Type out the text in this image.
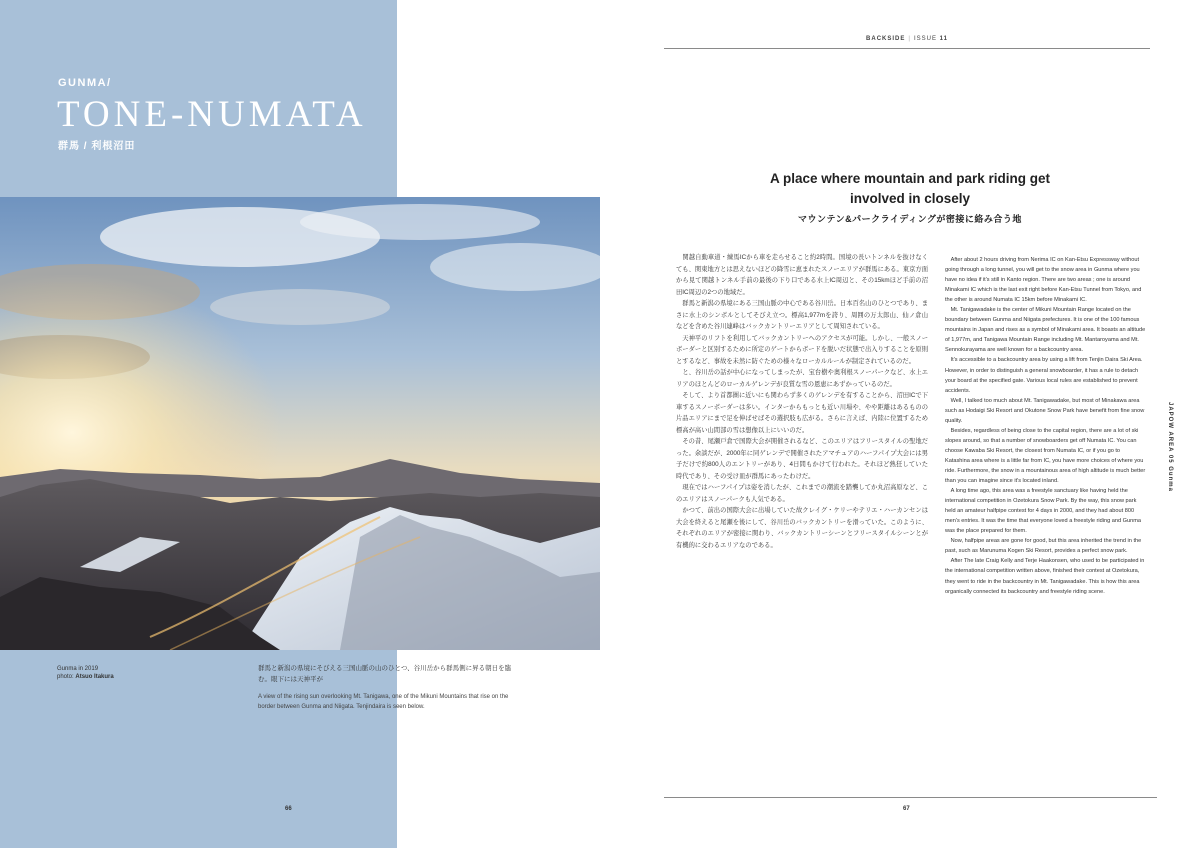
GUNMA/
TONE-NUMATA
群馬 / 利根沼田
Gunma in 2019
photo: Atsuo Itakura
群馬と新潟の県境にそびえる三国山脈の山のひとつ、谷川岳から群馬側に昇る朝日を臨む。眼下には天神平が
A view of the rising sun overlooking Mt. Tanigawa, one of the Mikuni Mountains that rise on the border between Gunma and Niigata. Tenjindaira is seen below.
66
BACKSIDE | ISSUE 11
A place where mountain and park riding get
involved in closely
マウンテン&パークライディングが密接に絡み合う地

　関越自動車道・練馬ICから車を走らせること約2時間。国境の長いトンネルを抜けなくても、関東地方とは思えないほどの降雪に恵まれたスノーエリアが群馬にある。東京方面から見て関越トンネル手前の最後の下り口である水上IC周辺と、その15kmほど手前の沼田IC周辺の2つの地域だ。

　群馬と新潟の県境にある三国山脈の中心である谷川岳。日本百名山のひとつであり、まさに水上のシンボルとしてそびえ立つ。標高1,977mを誇り、周囲の万太郎山、仙ノ倉山などを含めた谷川連峰はバックカントリーエリアとして周知されている。

　天神平のリフトを利用してバックカントリーへのアクセスが可能。しかし、一般スノーボーダーと区別するために所定のゲートからボードを脱いだ状態で出入りすることを原則とするなど、事故を未然に防ぐための様々なローカルルールが制定されているのだ。

　と、谷川岳の話が中心になってしまったが、宝台樹や奥利根スノーパークなど、水上エリアのほとんどのローカルゲレンデが良質な雪の恩恵にあずかっているのだ。

　そして、より首都圏に近いにも関わらず多くのゲレンデを有することから、沼田ICで下車するスノーボーダーは多い。インターからもっとも近い川場や、やや距離はあるものの片品エリアにまで足を伸ばせばその選択肢も広がる。さらに言えば、内陸に位置するため標高が高い山間部の雪は想像以上にいいのだ。

　その昔、尾瀬戸倉で国際大会が開催されるなど、このエリアはフリースタイルの聖地だった。余談だが、2000年に同ゲレンデで開催されたアマチュアのハーフパイプ大会には男子だけで約800人のエントリーがあり、4日間もかけて行われた。それほど熱狂していた時代であり、その受け皿が群馬にあったわけだ。

　現在ではハーフパイプは姿を消したが、これまでの潮流を踏襲してか丸沼高原など、このエリアはスノーパークも人気である。

　かつて、前出の国際大会に出場していた故クレイグ・ケリーやテリエ・ハーカンセンは大会を終えると尾瀬を後にして、谷川岳のバックカントリーを滑っていた。このように、それぞれのエリアが密接に関わり、バックカントリーシーンとフリースタイルシーンとが有機的に交わるエリアなのである。

　After about 2 hours driving from Nerima IC on Kan-Etsu Expressway without going through a long tunnel, you will get to the snow area in Gunma where you have no idea if it's still in Kanto region. There are two areas ; one is around Minakami IC which is the last exit right before Kan-Etsu Tunnel from Tokyo, and the other is around Numata IC 15km before Minakami IC.

　Mt. Tanigawadake is the center of Mikuni Mountain Range located on the boundary between Gunma and Niigata prefectures. It is one of the 100 famous mountains in Japan and rises as a symbol of Minakami area. It boasts an altitude of 1,977m, and Tanigawa Mountain Range including Mt. Mantaroyama and Mt. Sennokurayama are well known for a backcountry area.

　It's accessible to a backcountry area by using a lift from Tenjin Daira Ski Area. However, in order to distinguish a general snowboarder, it has a rule to detach your board at the specified gate. Various local rules are established to prevent accidents.

　Well, I talked too much about Mt. Tanigawadake, but most of Minakawa area such as Hodaigi Ski Resort and Okutone Snow Park have benefit from fine snow quality.

　Besides, regardless of being close to the capital region, there are a lot of ski slopes around, so that a number of snowboarders get off Numata IC. You can choose Kawaba Ski Resort, the closest from Numata IC, or if you go to Katashina area where is a little far from IC, you have more choices of where you ride. Furthermore, the snow in a mountainous area of high altitude is much better than you can imagine since it's located inland.

　A long time ago, this area was a freestyle sanctuary like having held the international competition in Ozetokura Snow Park. By the way, this snow park held an amateur halfpipe contest for 4 days in 2000, and they had about 800 men's entries. It was the time that everyone loved a freestyle riding and Gunma was the place prepared for them.

　Now, halfpipe areas are gone for good, but this area inherited the trend in the past, such as Marunuma Kogen Ski Resort, provides a perfect snow park.

　After The late Craig Kelly and Terje Haakonsen, who used to be participated in the international competition written above, finished their contest at Ozetokura, they went to ride in the backcountry in Mt. Tanigawadake. This is how this area organically connected its backcountry and freestyle riding scene.

JAPOW AREA 05 Gunma
67
